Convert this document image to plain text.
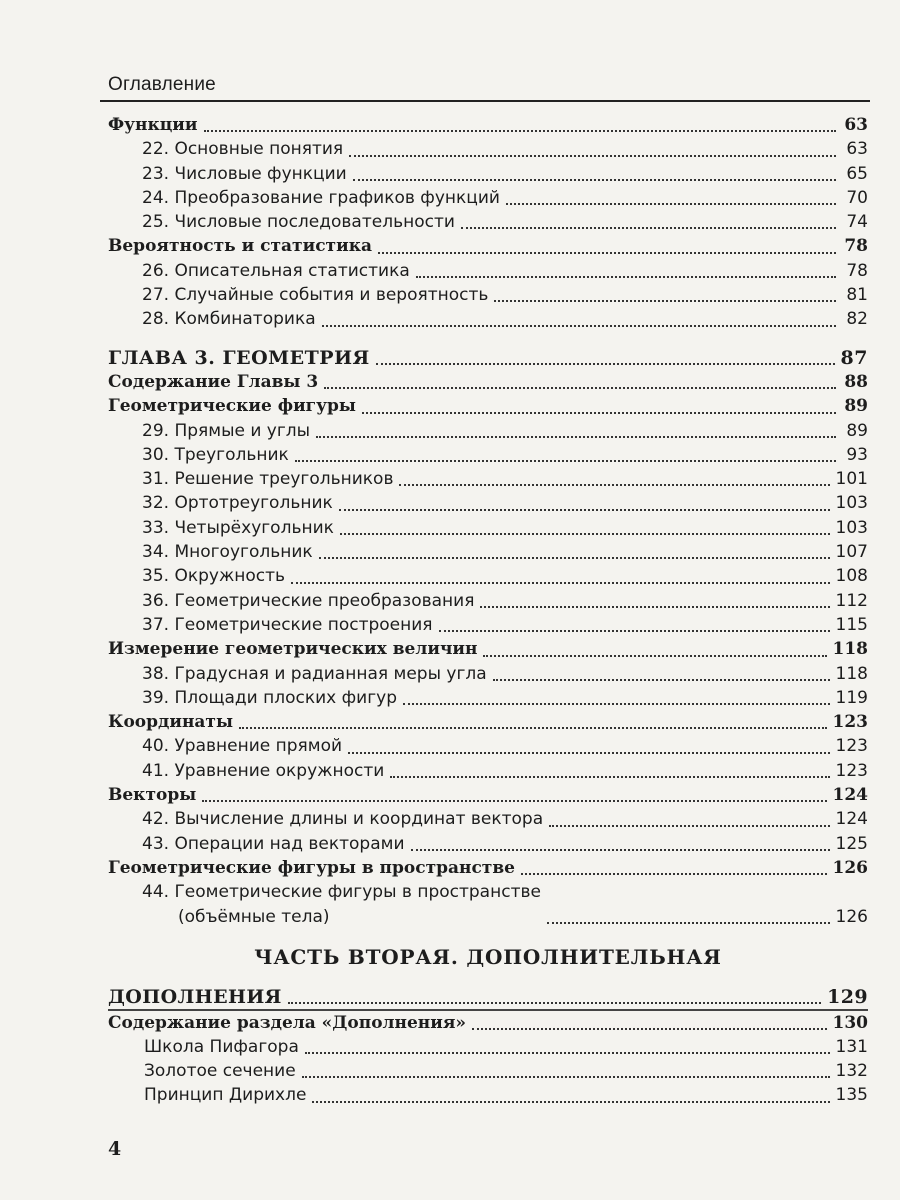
Оглавление
Функции	63
22. Основные понятия	63
23. Числовые функции	65
24. Преобразование графиков функций	70
25. Числовые последовательности	74
Вероятность и статистика	78
26. Описательная статистика	78
27. Случайные события и вероятность	81
28. Комбинаторика	82
ГЛАВА 3. ГЕОМЕТРИЯ	87
Содержание Главы 3	88
Геометрические фигуры	89
29. Прямые и углы	89
30. Треугольник	93
31. Решение треугольников	101
32. Ортотреугольник	103
33. Четырёхугольник	103
34. Многоугольник	107
35. Окружность	108
36. Геометрические преобразования	112
37. Геометрические построения	115
Измерение геометрических величин	118
38. Градусная и радианная меры угла	118
39. Площади плоских фигур	119
Координаты	123
40. Уравнение прямой	123
41. Уравнение окружности	123
Векторы	124
42. Вычисление длины и координат вектора	124
43. Операции над векторами	125
Геометрические фигуры в пространстве	126
44. Геометрические фигуры в пространстве
(объёмные тела)	126
ЧАСТЬ ВТОРАЯ. ДОПОЛНИТЕЛЬНАЯ
ДОПОЛНЕНИЯ	129
Содержание раздела «Дополнения»	130
Школа Пифагора	131
Золотое сечение	132
Принцип Дирихле	135
4
